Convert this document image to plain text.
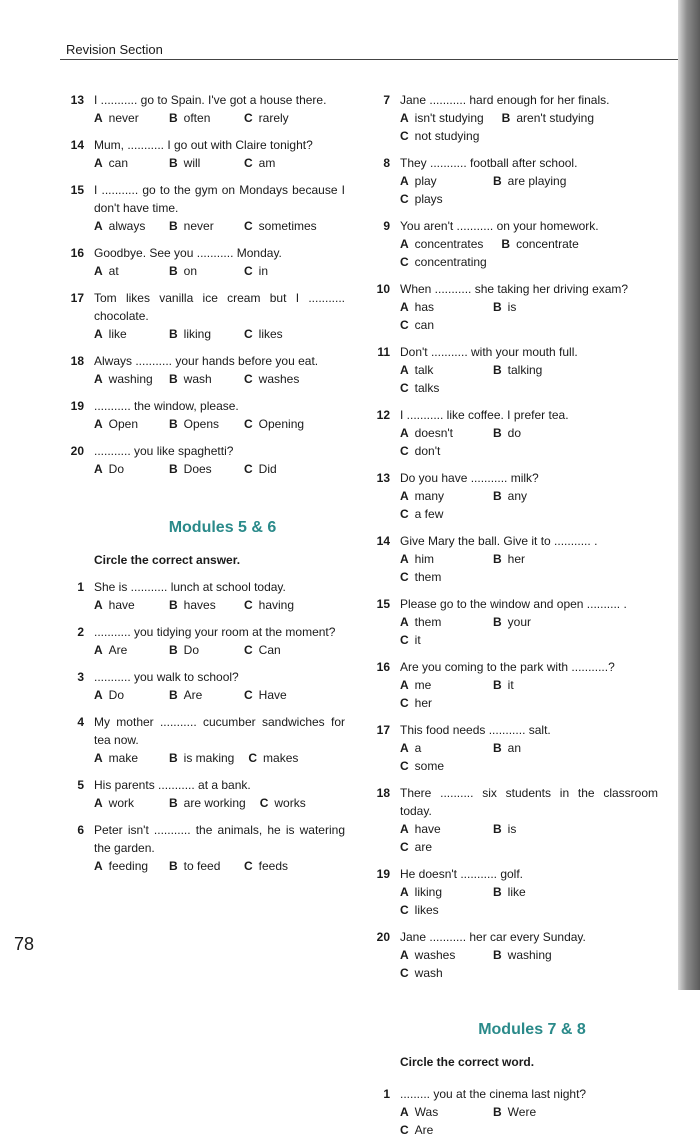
Revision Section
78
13 I ........... go to Spain. I've got a house there.
A never	B often	C rarely
14 Mum, ........... I go out with Claire tonight?
A can	B will	C am
15 I ........... go to the gym on Mondays because I don't have time.
A always	B never	C sometimes
16 Goodbye. See you ........... Monday.
A at	B on	C in
17 Tom likes vanilla ice cream but I ........... chocolate.
A like	B liking	C likes
18 Always ........... your hands before you eat.
A washing	B wash	C washes
19 ........... the window, please.
A Open	B Opens	C Opening
20 ........... you like spaghetti?
A Do	B Does	C Did
Modules 5 & 6
Circle the correct answer.
1 She is ........... lunch at school today.
A have	B haves	C having
2 ........... you tidying your room at the moment?
A Are	B Do	C Can
3 ........... you walk to school?
A Do	B Are	C Have
4 My mother ........... cucumber sandwiches for tea now.
A make	B is making C makes
5 His parents ........... at a bank.
A work	B are working C works
6 Peter isn't ........... the animals, he is watering the garden.
A feeding	B to feed	C feeds
7 Jane ........... hard enough for her finals.
A isn't studying B aren't studying
C not studying
8 They ........... football after school.
A play	B are playing
C plays
9 You aren't ........... on your homework.
A concentrates B concentrate
C concentrating
10 When ........... she taking her driving exam?
A has	B is
C can
11 Don't ........... with your mouth full.
A talk	B talking
C talks
12 I ........... like coffee. I prefer tea.
A doesn't	B do
C don't
13 Do you have ........... milk?
A many	B any
C a few
14 Give Mary the ball. Give it to ........... .
A him	B her
C them
15 Please go to the window and open .......... .
A them	B your
C it
16 Are you coming to the park with ...........?
A me	B it
C her
17 This food needs ........... salt.
A a	B an
C some
18 There .......... six students in the classroom today.
A have	B is
C are
19 He doesn't ........... golf.
A liking	B like
C likes
20 Jane ........... her car every Sunday.
A washes	B washing
C wash
Modules 7 & 8
Circle the correct word.
1 ......... you at the cinema last night?
A Was	B Were
C Are
